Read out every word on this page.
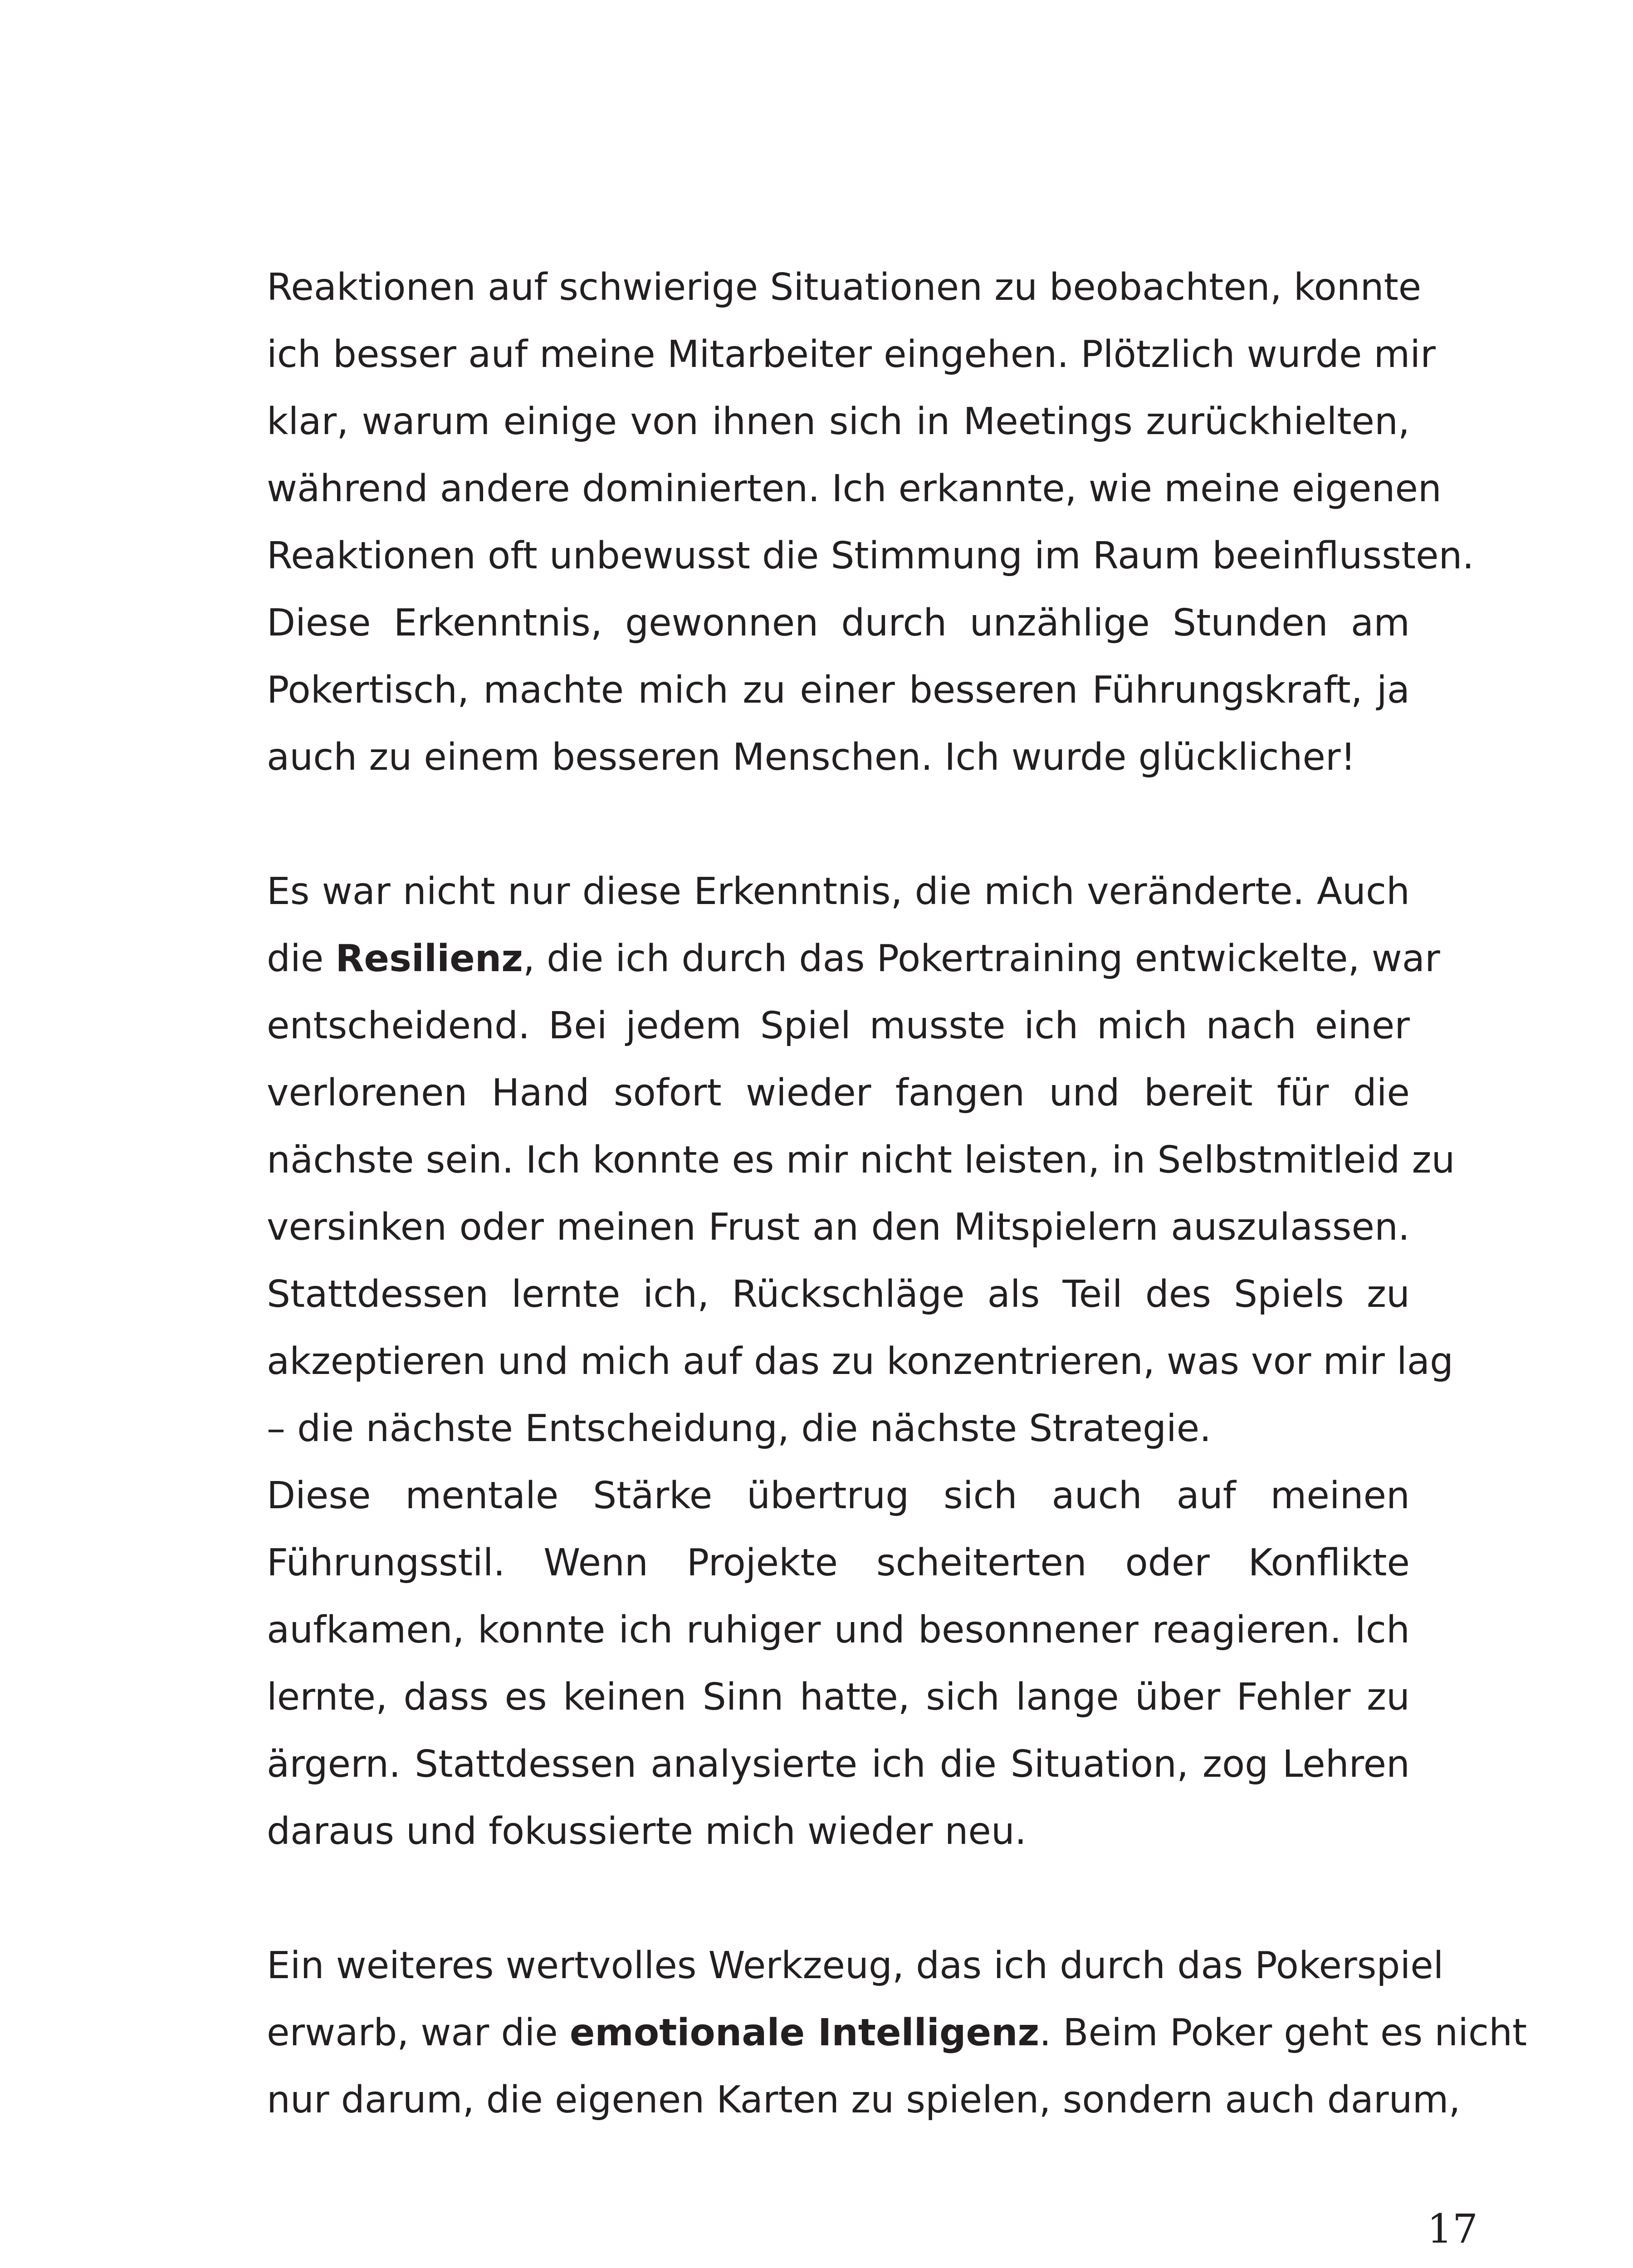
Reaktionen auf schwierige Situationen zu beobachten, konnte
ich besser auf meine Mitarbeiter eingehen. Plötzlich wurde mir
klar, warum einige von ihnen sich in Meetings zurückhielten,
während andere dominierten. Ich erkannte, wie meine eigenen
Reaktionen oft unbewusst die Stimmung im Raum beeinflussten.
Diese Erkenntnis, gewonnen durch unzählige Stunden am
Pokertisch, machte mich zu einer besseren Führungskraft, ja
auch zu einem besseren Menschen. Ich wurde glücklicher!
Es war nicht nur diese Erkenntnis, die mich veränderte. Auch
die Resilienz, die ich durch das Pokertraining entwickelte, war
entscheidend. Bei jedem Spiel musste ich mich nach einer
verlorenen Hand sofort wieder fangen und bereit für die
nächste sein. Ich konnte es mir nicht leisten, in Selbstmitleid zu
versinken oder meinen Frust an den Mitspielern auszulassen.
Stattdessen lernte ich, Rückschläge als Teil des Spiels zu
akzeptieren und mich auf das zu konzentrieren, was vor mir lag
– die nächste Entscheidung, die nächste Strategie.
Diese mentale Stärke übertrug sich auch auf meinen
Führungsstil. Wenn Projekte scheiterten oder Konflikte
aufkamen, konnte ich ruhiger und besonnener reagieren. Ich
lernte, dass es keinen Sinn hatte, sich lange über Fehler zu
ärgern. Stattdessen analysierte ich die Situation, zog Lehren
daraus und fokussierte mich wieder neu.
Ein weiteres wertvolles Werkzeug, das ich durch das Pokerspiel
erwarb, war die emotionale Intelligenz. Beim Poker geht es nicht
nur darum, die eigenen Karten zu spielen, sondern auch darum,
17
